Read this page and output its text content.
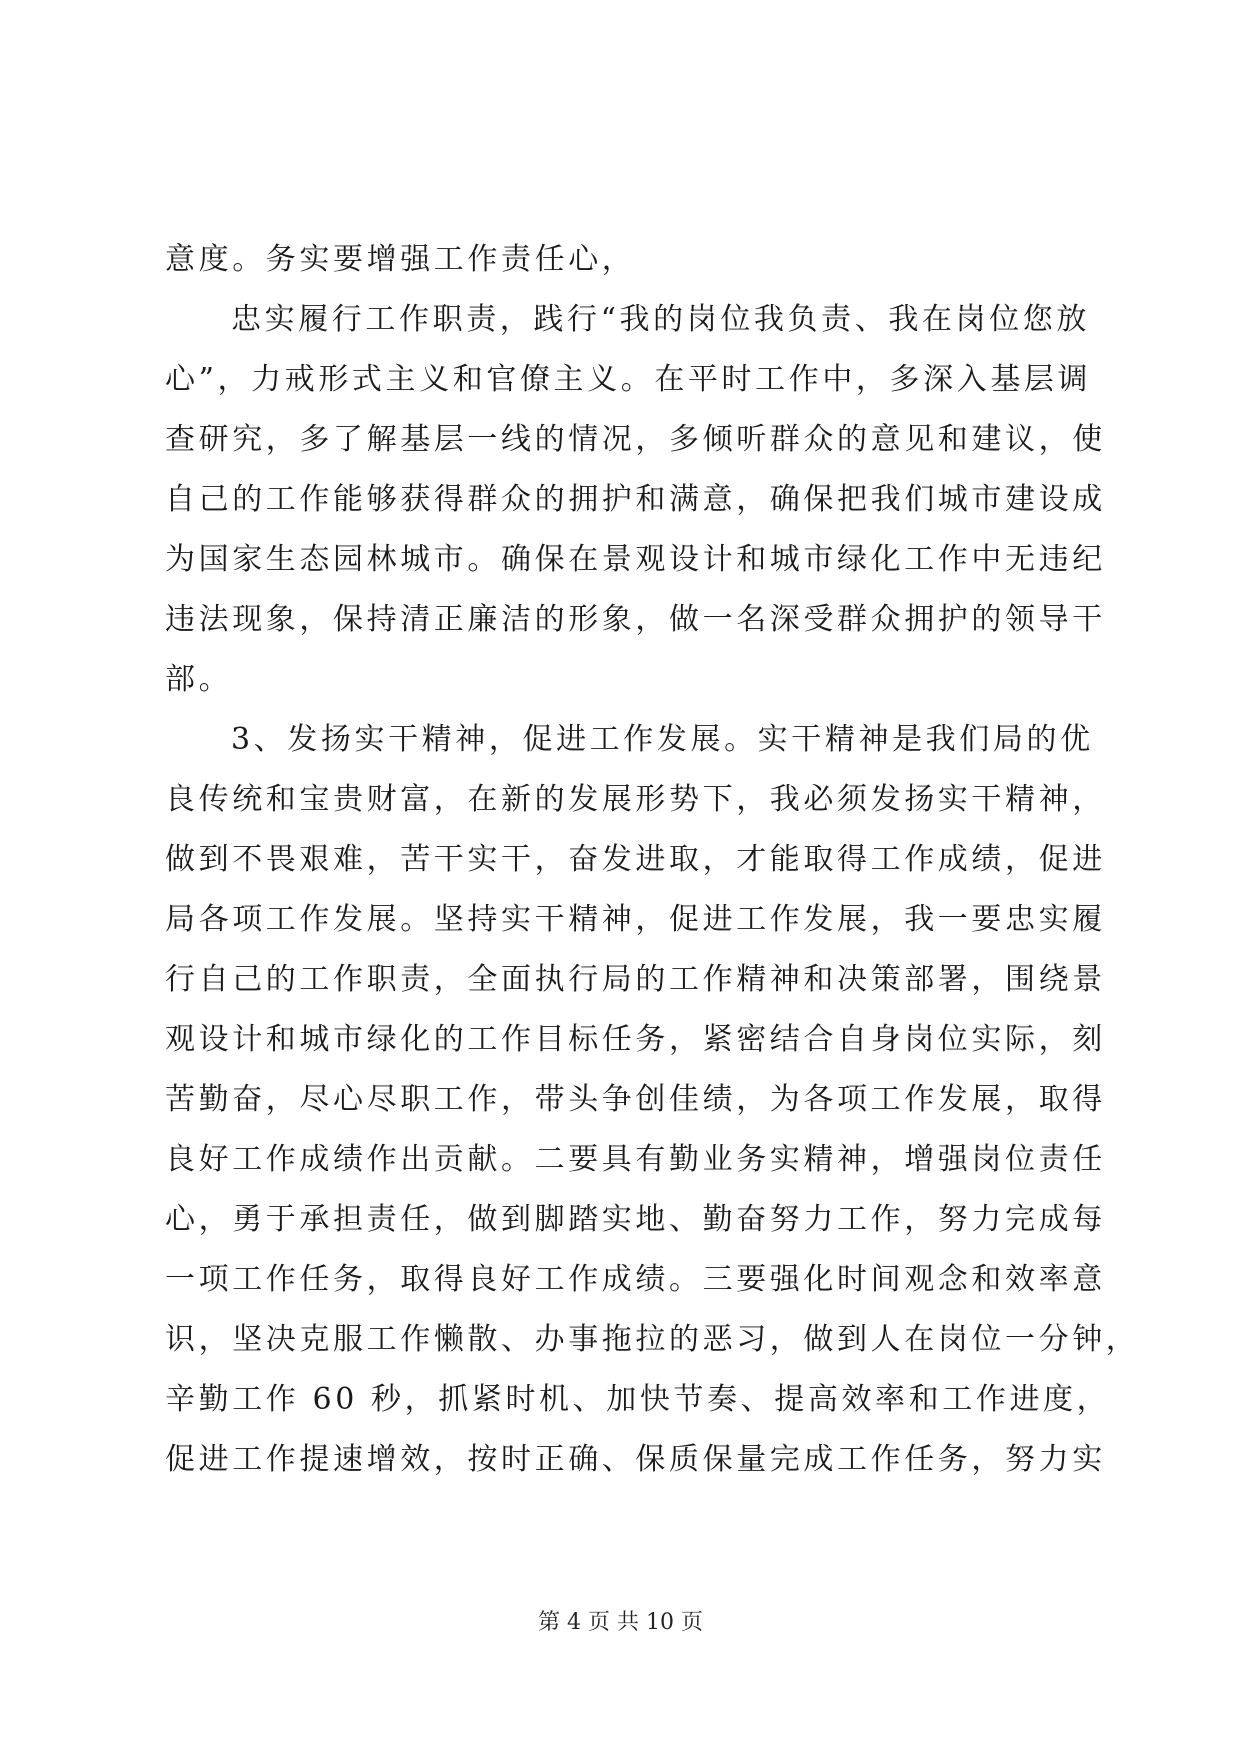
意度。务实要增强工作责任心，
忠实履行工作职责，践行“我的岗位我负责、我在岗位您放
心”，力戒形式主义和官僚主义。在平时工作中，多深入基层调
查研究，多了解基层一线的情况，多倾听群众的意见和建议，使
自己的工作能够获得群众的拥护和满意，确保把我们城市建设成
为国家生态园林城市。确保在景观设计和城市绿化工作中无违纪
违法现象，保持清正廉洁的形象，做一名深受群众拥护的领导干
部。
3、发扬实干精神，促进工作发展。实干精神是我们局的优
良传统和宝贵财富，在新的发展形势下，我必须发扬实干精神，
做到不畏艰难，苦干实干，奋发进取，才能取得工作成绩，促进
局各项工作发展。坚持实干精神，促进工作发展，我一要忠实履
行自己的工作职责，全面执行局的工作精神和决策部署，围绕景
观设计和城市绿化的工作目标任务，紧密结合自身岗位实际，刻
苦勤奋，尽心尽职工作，带头争创佳绩，为各项工作发展，取得
良好工作成绩作出贡献。二要具有勤业务实精神，增强岗位责任
心，勇于承担责任，做到脚踏实地、勤奋努力工作，努力完成每
一项工作任务，取得良好工作成绩。三要强化时间观念和效率意
识，坚决克服工作懒散、办事拖拉的恶习，做到人在岗位一分钟，
辛勤工作 60 秒，抓紧时机、加快节奏、提高效率和工作进度，
促进工作提速增效，按时正确、保质保量完成工作任务，努力实
第 4 页 共 10 页
